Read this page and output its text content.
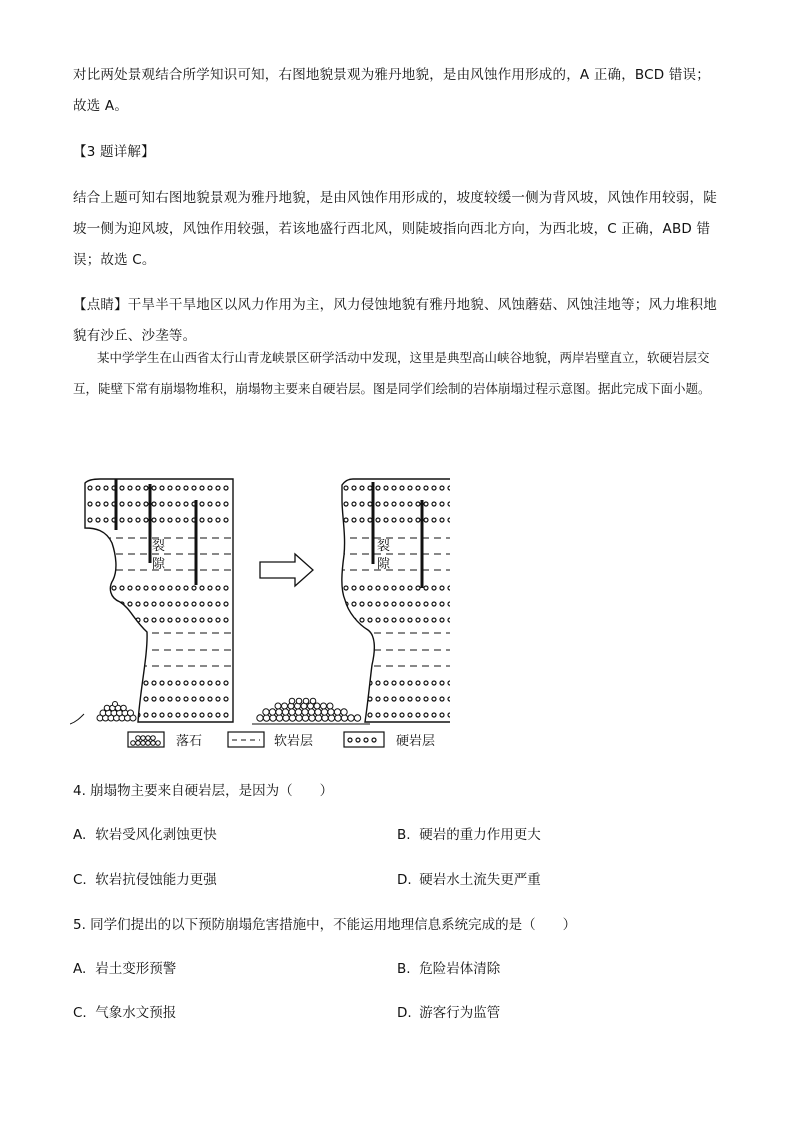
对比两处景观结合所学知识可知，右图地貌景观为雅丹地貌，是由风蚀作用形成的，A 正确，BCD 错误；故选 A。
【3 题详解】
结合上题可知右图地貌景观为雅丹地貌，是由风蚀作用形成的，坡度较缓一侧为背风坡，风蚀作用较弱，陡坡一侧为迎风坡，风蚀作用较强，若该地盛行西北风，则陡坡指向西北方向，为西北坡，C 正确，ABD 错误；故选 C。
【点睛】干旱半干旱地区以风力作用为主，风力侵蚀地貌有雅丹地貌、风蚀蘑菇、风蚀洼地等；风力堆积地貌有沙丘、沙垄等。
某中学学生在山西省太行山青龙峡景区研学活动中发现，这里是典型高山峡谷地貌，两岸岩壁直立，软硬岩层交互，陡壁下常有崩塌物堆积，崩塌物主要来自硬岩层。图是同学们绘制的岩体崩塌过程示意图。据此完成下面小题。
裂
隙
裂
隙
落石	软岩层	硬岩层
4. 崩塌物主要来自硬岩层，是因为（　　）
A. 软岩受风化剥蚀更快	B. 硬岩的重力作用更大
C. 软岩抗侵蚀能力更强	D. 硬岩水土流失更严重
5. 同学们提出的以下预防崩塌危害措施中，不能运用地理信息系统完成的是（　　）
A. 岩土变形预警	B. 危险岩体清除
C. 气象水文预报	D. 游客行为监管
